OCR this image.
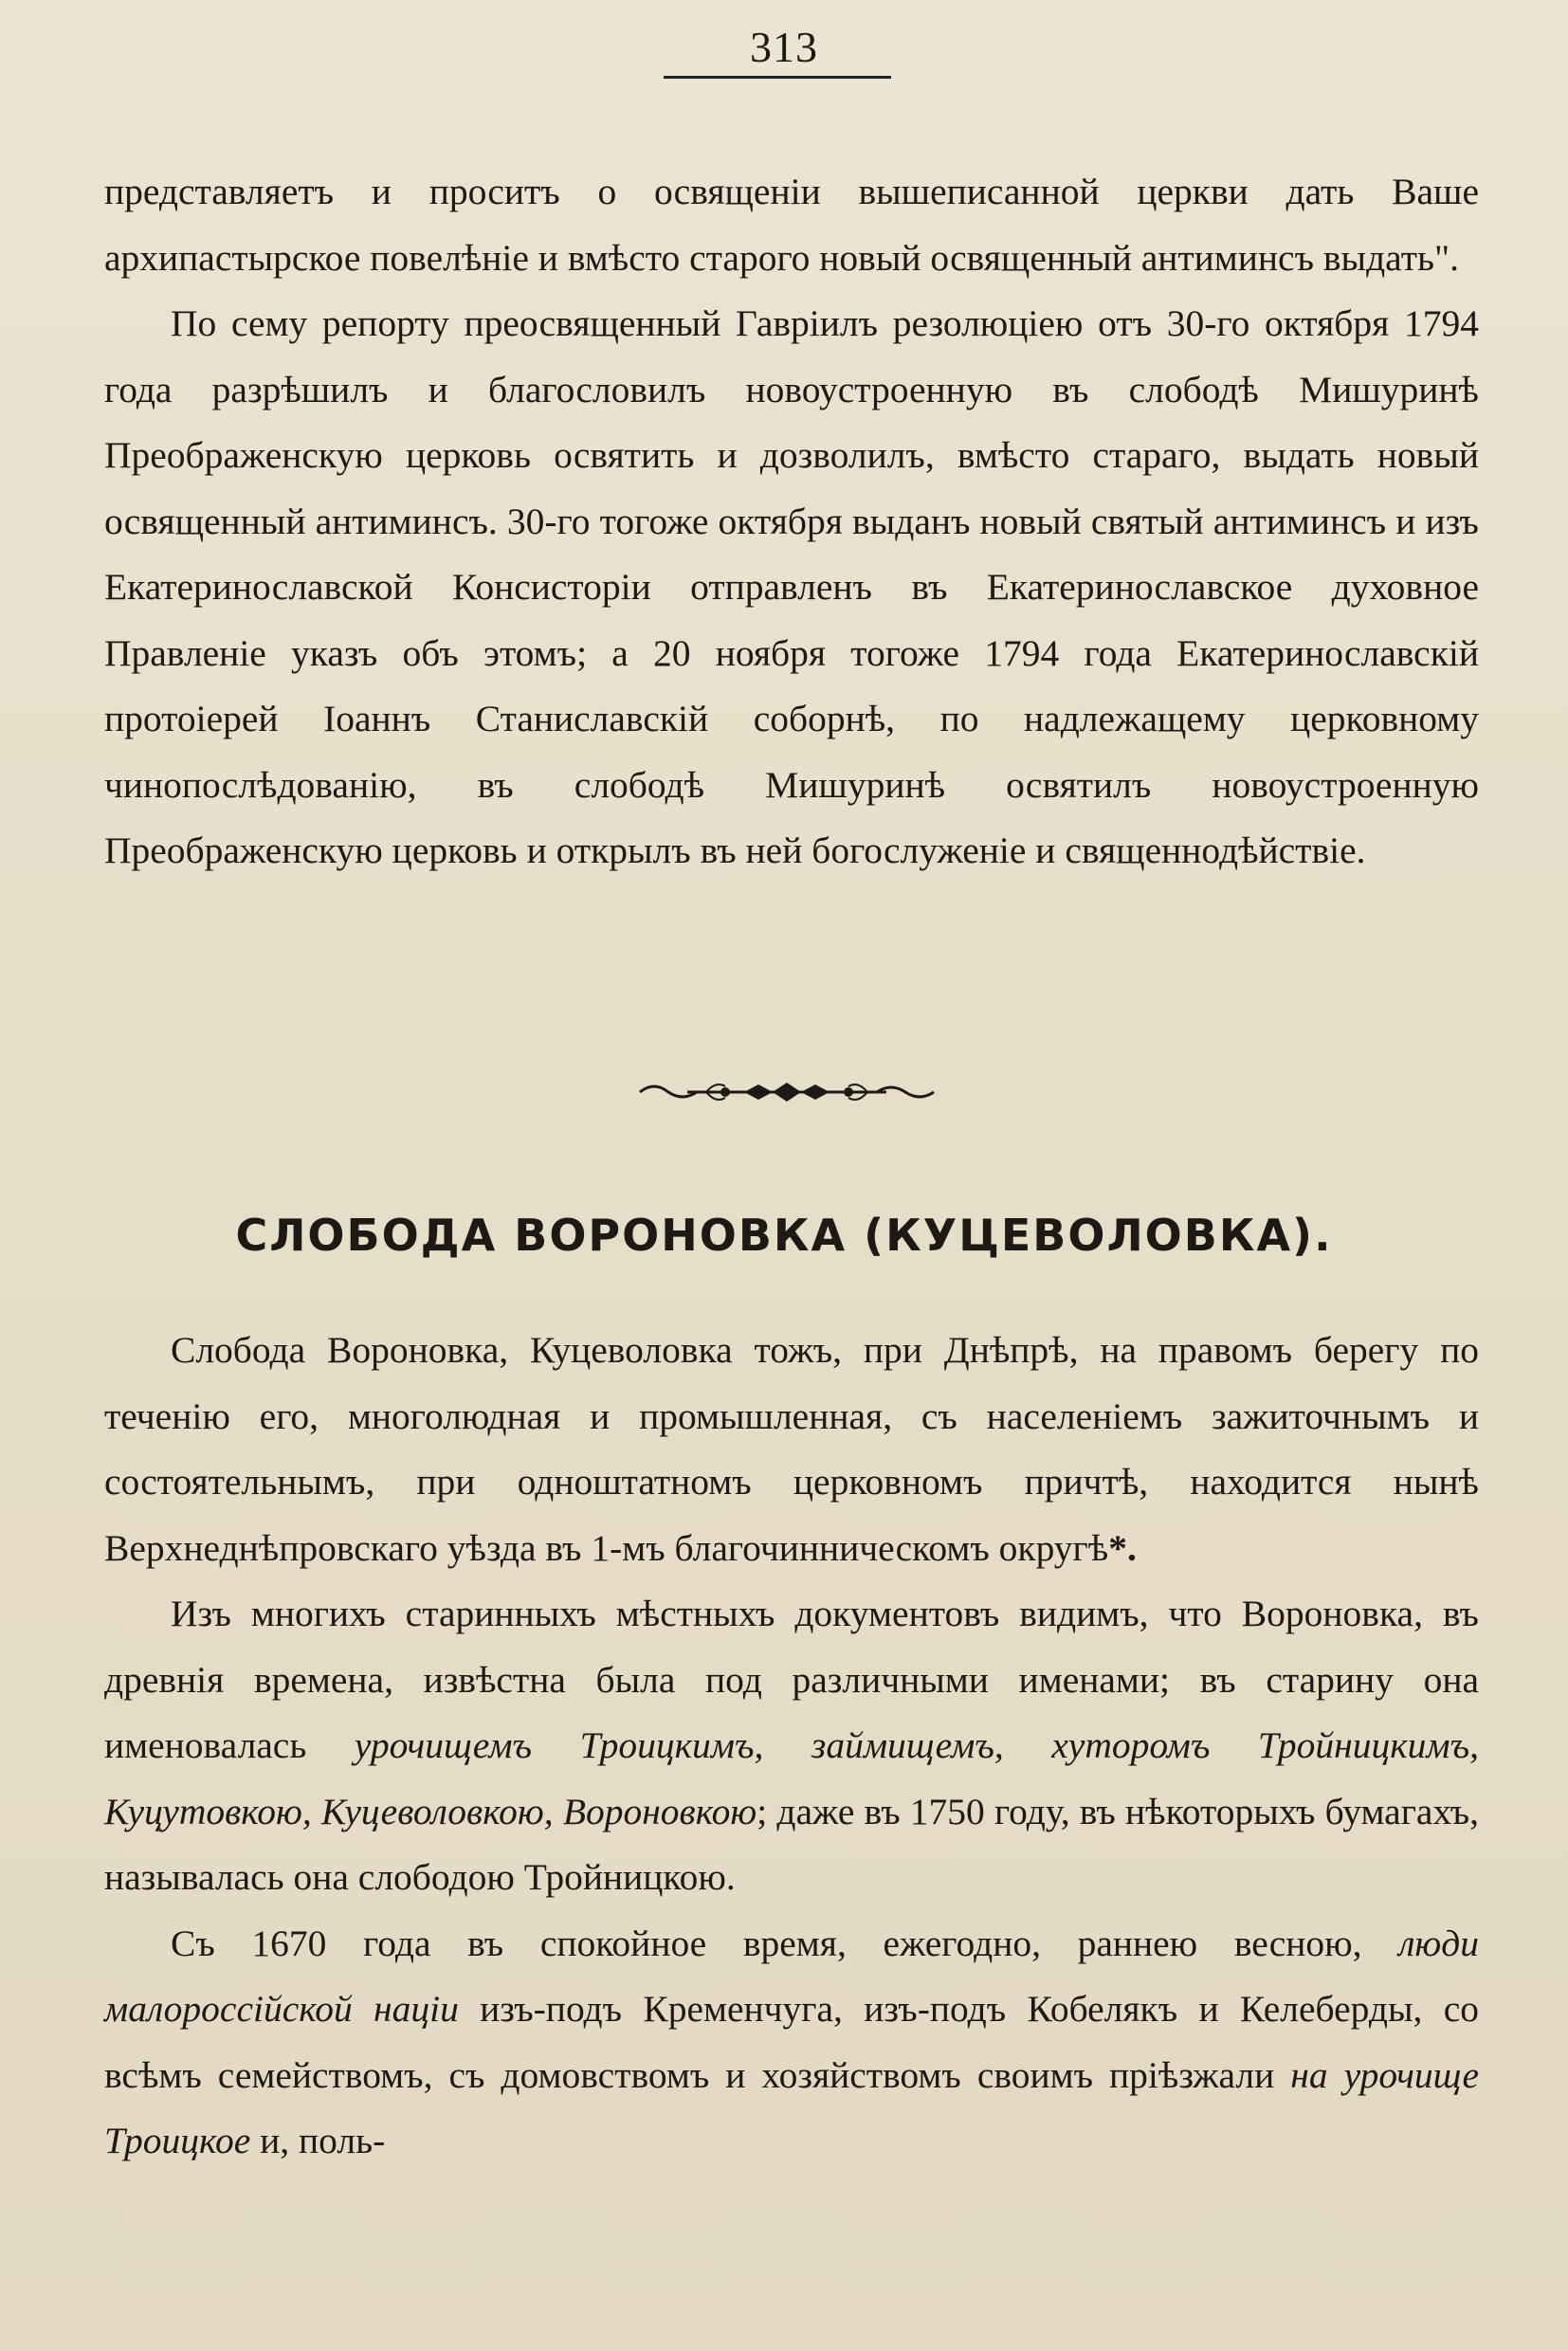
313

представляетъ и проситъ о освященіи вышеписанной церкви дать Ваше архипастырское повелѣніе и вмѣсто старого новый освященный антиминсъ выдать".

По сему репорту преосвященный Гавріилъ резолюціею отъ 30-го октября 1794 года разрѣшилъ и благословилъ новоустроенную въ слободѣ Мишуринѣ Преображенскую церковь освятить и дозволилъ, вмѣсто стараго, выдать новый освященный антиминсъ. 30-го тогоже октября выданъ новый святый антиминсъ и изъ Екатеринославской Консисторіи отправленъ въ Екатеринославское духовное Правленіе указъ объ этомъ; а 20 ноября тогоже 1794 года Екатеринославскій протоіерей Іоаннъ Станиславскій соборнѣ, по надлежащему церковному чинопослѣдованію, въ слободѣ Мишуринѣ освятилъ новоустроенную Преображенскую церковь и открылъ въ ней богослуженіе и священнодѣйствіе.

СЛОБОДА ВОРОНОВКА (КУЦЕВОЛОВКА).

Слобода Вороновка, Куцеволовка тожъ, при Днѣпрѣ, на правомъ берегу по теченію его, многолюдная и промышленная, съ населеніемъ зажиточнымъ и состоятельнымъ, при одноштатномъ церковномъ причтѣ, находится нынѣ Верхнеднѣпровскаго уѣзда въ 1-мъ благочинническомъ округѣ*.

Изъ многихъ старинныхъ мѣстныхъ документовъ видимъ, что Вороновка, въ древнія времена, извѣстна была под различными именами; въ старину она именовалась урочищемъ Троицкимъ, займищемъ, хуторомъ Тройницкимъ, Куцутовкою, Куцеволовкою, Вороновкою; даже въ 1750 году, въ нѣкоторыхъ бумагахъ, называлась она слободою Тройницкою.

Съ 1670 года въ спокойное время, ежегодно, раннею весною, люди малороссійской націи изъ-подъ Кременчуга, изъ-подъ Кобелякъ и Келеберды, со всѣмъ семействомъ, съ домовствомъ и хозяйствомъ своимъ пріѣзжали на урочище Троицкое и, поль-
